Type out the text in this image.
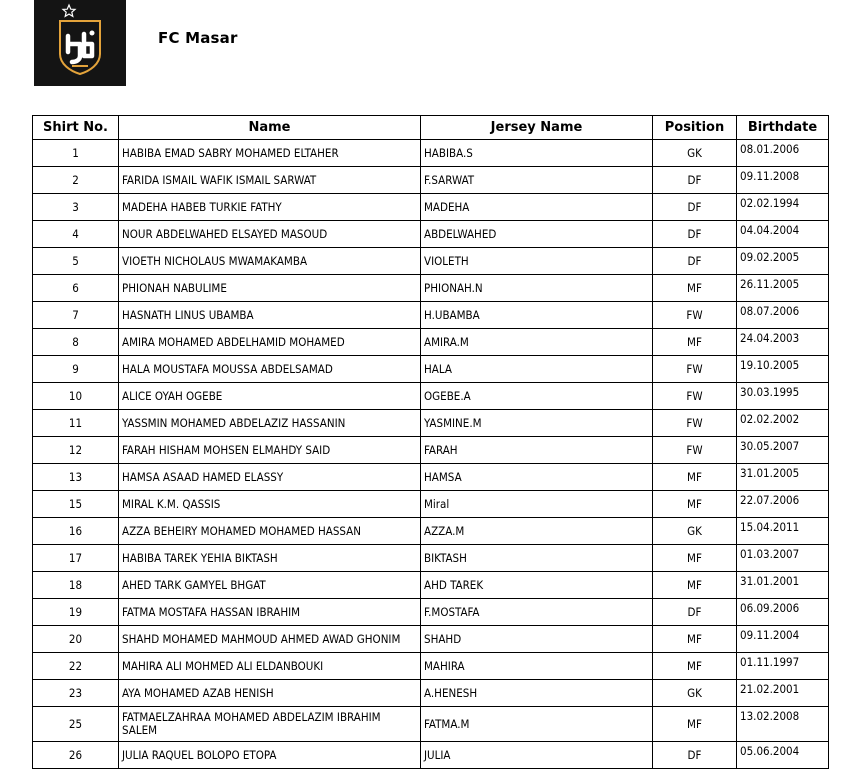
FC Masar
Shirt No.	Name	Jersey Name	Position	Birthdate
1	HABIBA EMAD SABRY MOHAMED ELTAHER	HABIBA.S	GK	08.01.2006
2	FARIDA ISMAIL WAFIK ISMAIL SARWAT	F.SARWAT	DF	09.11.2008
3	MADEHA HABEB TURKIE FATHY	MADEHA	DF	02.02.1994
4	NOUR ABDELWAHED ELSAYED MASOUD	ABDELWAHED	DF	04.04.2004
5	VIOETH NICHOLAUS MWAMAKAMBA	VIOLETH	DF	09.02.2005
6	PHIONAH NABULIME	PHIONAH.N	MF	26.11.2005
7	HASNATH LINUS UBAMBA	H.UBAMBA	FW	08.07.2006
8	AMIRA MOHAMED ABDELHAMID MOHAMED	AMIRA.M	MF	24.04.2003
9	HALA MOUSTAFA MOUSSA ABDELSAMAD	HALA	FW	19.10.2005
10	ALICE OYAH OGEBE	OGEBE.A	FW	30.03.1995
11	YASSMIN MOHAMED ABDELAZIZ HASSANIN	YASMINE.M	FW	02.02.2002
12	FARAH HISHAM MOHSEN ELMAHDY SAID	FARAH	FW	30.05.2007
13	HAMSA ASAAD HAMED ELASSY	HAMSA	MF	31.01.2005
15	MIRAL K.M. QASSIS	Miral	MF	22.07.2006
16	AZZA BEHEIRY MOHAMED MOHAMED HASSAN	AZZA.M	GK	15.04.2011
17	HABIBA TAREK YEHIA BIKTASH	BIKTASH	MF	01.03.2007
18	AHED TARK GAMYEL BHGAT	AHD TAREK	MF	31.01.2001
19	FATMA MOSTAFA HASSAN IBRAHIM	F.MOSTAFA	DF	06.09.2006
20	SHAHD MOHAMED MAHMOUD AHMED AWAD GHONIM	SHAHD	MF	09.11.2004
22	MAHIRA ALI MOHMED ALI ELDANBOUKI	MAHIRA	MF	01.11.1997
23	AYA MOHAMED AZAB HENISH	A.HENESH	GK	21.02.2001
25	FATMAELZAHRAA MOHAMED ABDELAZIM IBRAHIM SALEM	FATMA.M	MF	13.02.2008
26	JULIA RAQUEL BOLOPO ETOPA	JULIA	DF	05.06.2004
